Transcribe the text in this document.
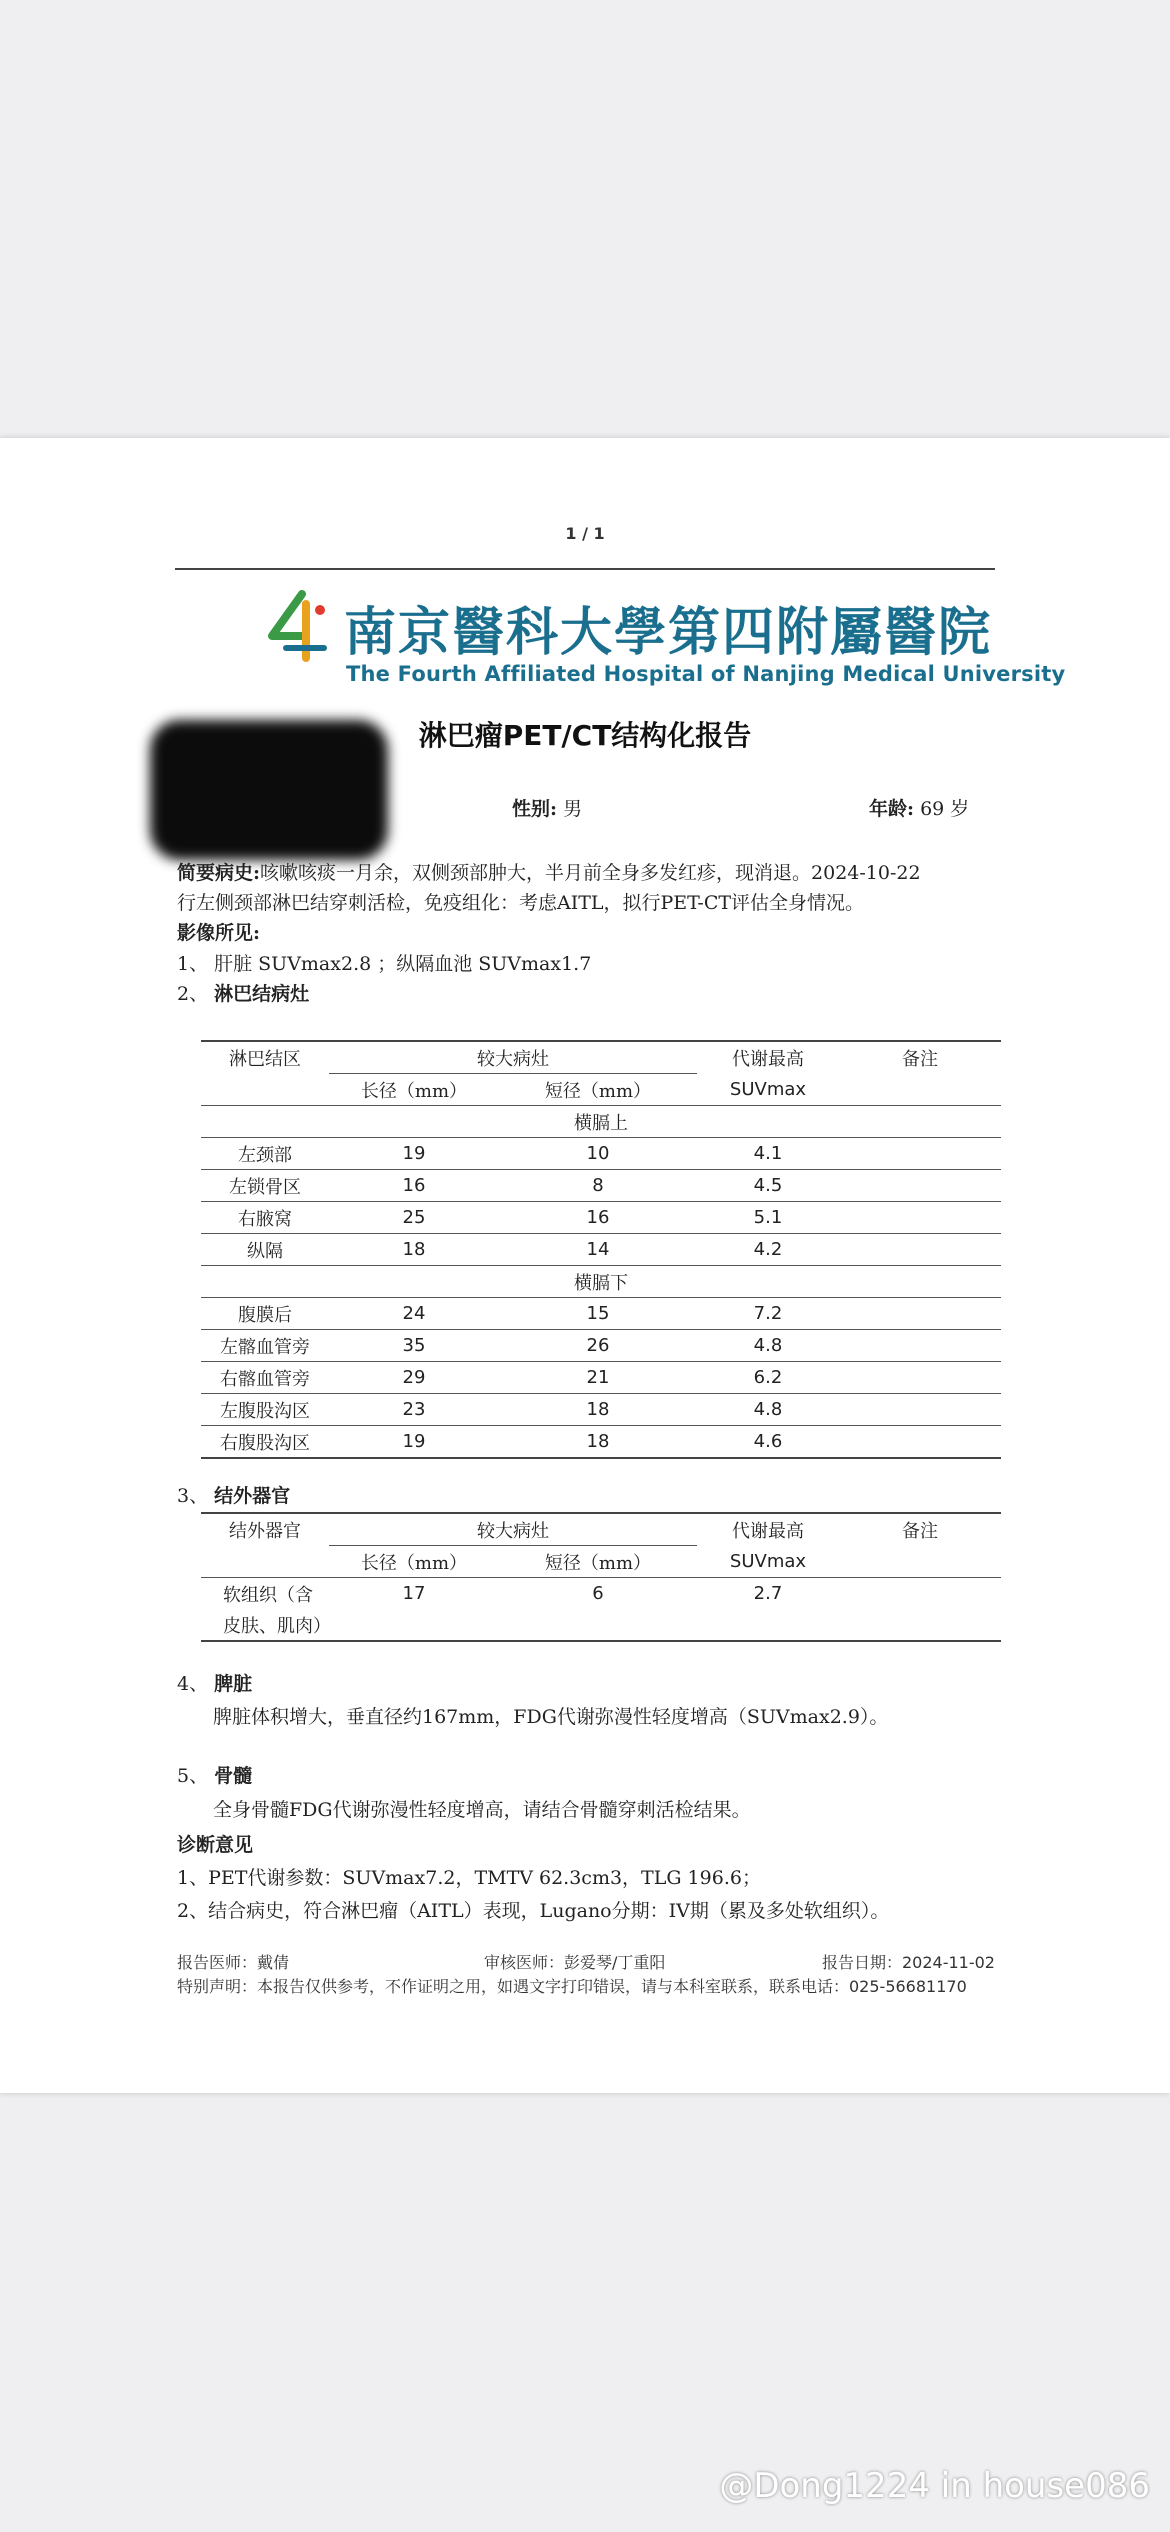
1 / 1
南京醫科大學第四附屬醫院
The Fourth Affiliated Hospital of Nanjing Medical University
淋巴瘤PET/CT结构化报告
性别: 男	年龄: 69 岁
简要病史:咳嗽咳痰一月余，双侧颈部肿大，半月前全身多发红疹，现消退。2024-10-22
行左侧颈部淋巴结穿刺活检，免疫组化：考虑AITL，拟行PET-CT评估全身情况。
影像所见:
1、 肝脏 SUVmax2.8 ；纵隔血池 SUVmax1.7
2、 淋巴结病灶
淋巴结区	较大病灶		代谢最高	备注
	长径（mm）	短径（mm）	SUVmax	
横膈上				
左颈部	19	10	4.1	
左锁骨区	16	8	4.5	
右腋窝	25	16	5.1	
纵隔	18	14	4.2	
横膈下				
腹膜后	24	15	7.2	
左髂血管旁	35	26	4.8	
右髂血管旁	29	21	6.2	
左腹股沟区	23	18	4.8	
右腹股沟区	19	18	4.6	
3、 结外器官
结外器官	较大病灶		代谢最高	备注
	长径（mm）	短径（mm）	SUVmax	
软组织（含	17	6	2.7	
皮肤、肌肉）				
4、 脾脏
脾脏体积增大，垂直径约167mm，FDG代谢弥漫性轻度增高（SUVmax2.9）。
5、 骨髓
全身骨髓FDG代谢弥漫性轻度增高，请结合骨髓穿刺活检结果。
诊断意见
1、PET代谢参数：SUVmax7.2，TMTV 62.3cm3，TLG 196.6；
2、结合病史，符合淋巴瘤（AITL）表现，Lugano分期：IV期（累及多处软组织）。
报告医师：戴倩	审核医师：彭爱琴/丁重阳	报告日期：2024-11-02
特别声明：本报告仅供参考，不作证明之用，如遇文字打印错误，请与本科室联系，联系电话：025-56681170
@Dong1224 in house086
